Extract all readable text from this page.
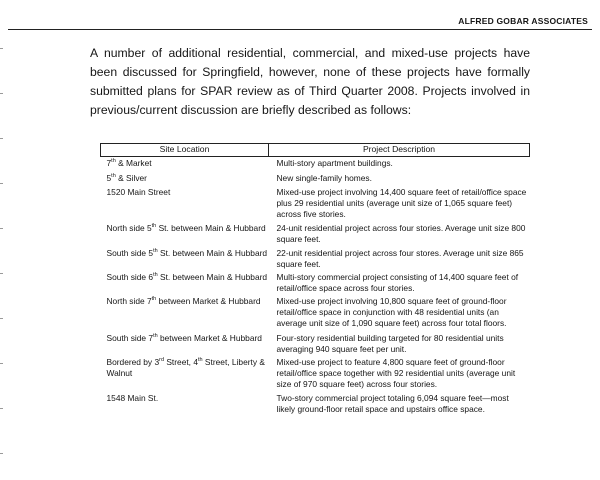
ALFRED GOBAR ASSOCIATES

A number of additional residential, commercial, and mixed-use projects have been discussed for Springfield, however, none of these projects have formally submitted plans for SPAR review as of Third Quarter 2008. Projects involved in previous/current discussion are briefly described as follows:

Site Location	Project Description
7th & Market	Multi-story apartment buildings.
5th & Silver	New single-family homes.
1520 Main Street	Mixed-use project involving 14,400 square feet of retail/office space plus 29 residential units (average unit size of 1,065 square feet) across five stories.
North side 5th St. between Main & Hubbard	24-unit residential project across four stories. Average unit size 800 square feet.
South side 5th St. between Main & Hubbard	22-unit residential project across four stores. Average unit size 865 square feet.
South side 6th St. between Main & Hubbard	Multi-story commercial project consisting of 14,400 square feet of retail/office space across four stories.
North side 7th between Market & Hubbard	Mixed-use project involving 10,800 square feet of ground-floor retail/office space in conjunction with 48 residential units (an average unit size of 1,090 square feet) across four total floors.
South side 7th between Market & Hubbard	Four-story residential building targeted for 80 residential units averaging 940 square feet per unit.
Bordered by 3rd Street, 4th Street, Liberty & Walnut	Mixed-use project to feature 4,800 square feet of ground-floor retail/office space together with 92 residential units (average unit size of 970 square feet) across four stories.
1548 Main St.	Two-story commercial project totaling 6,094 square feet—most likely ground-floor retail space and upstairs office space.
